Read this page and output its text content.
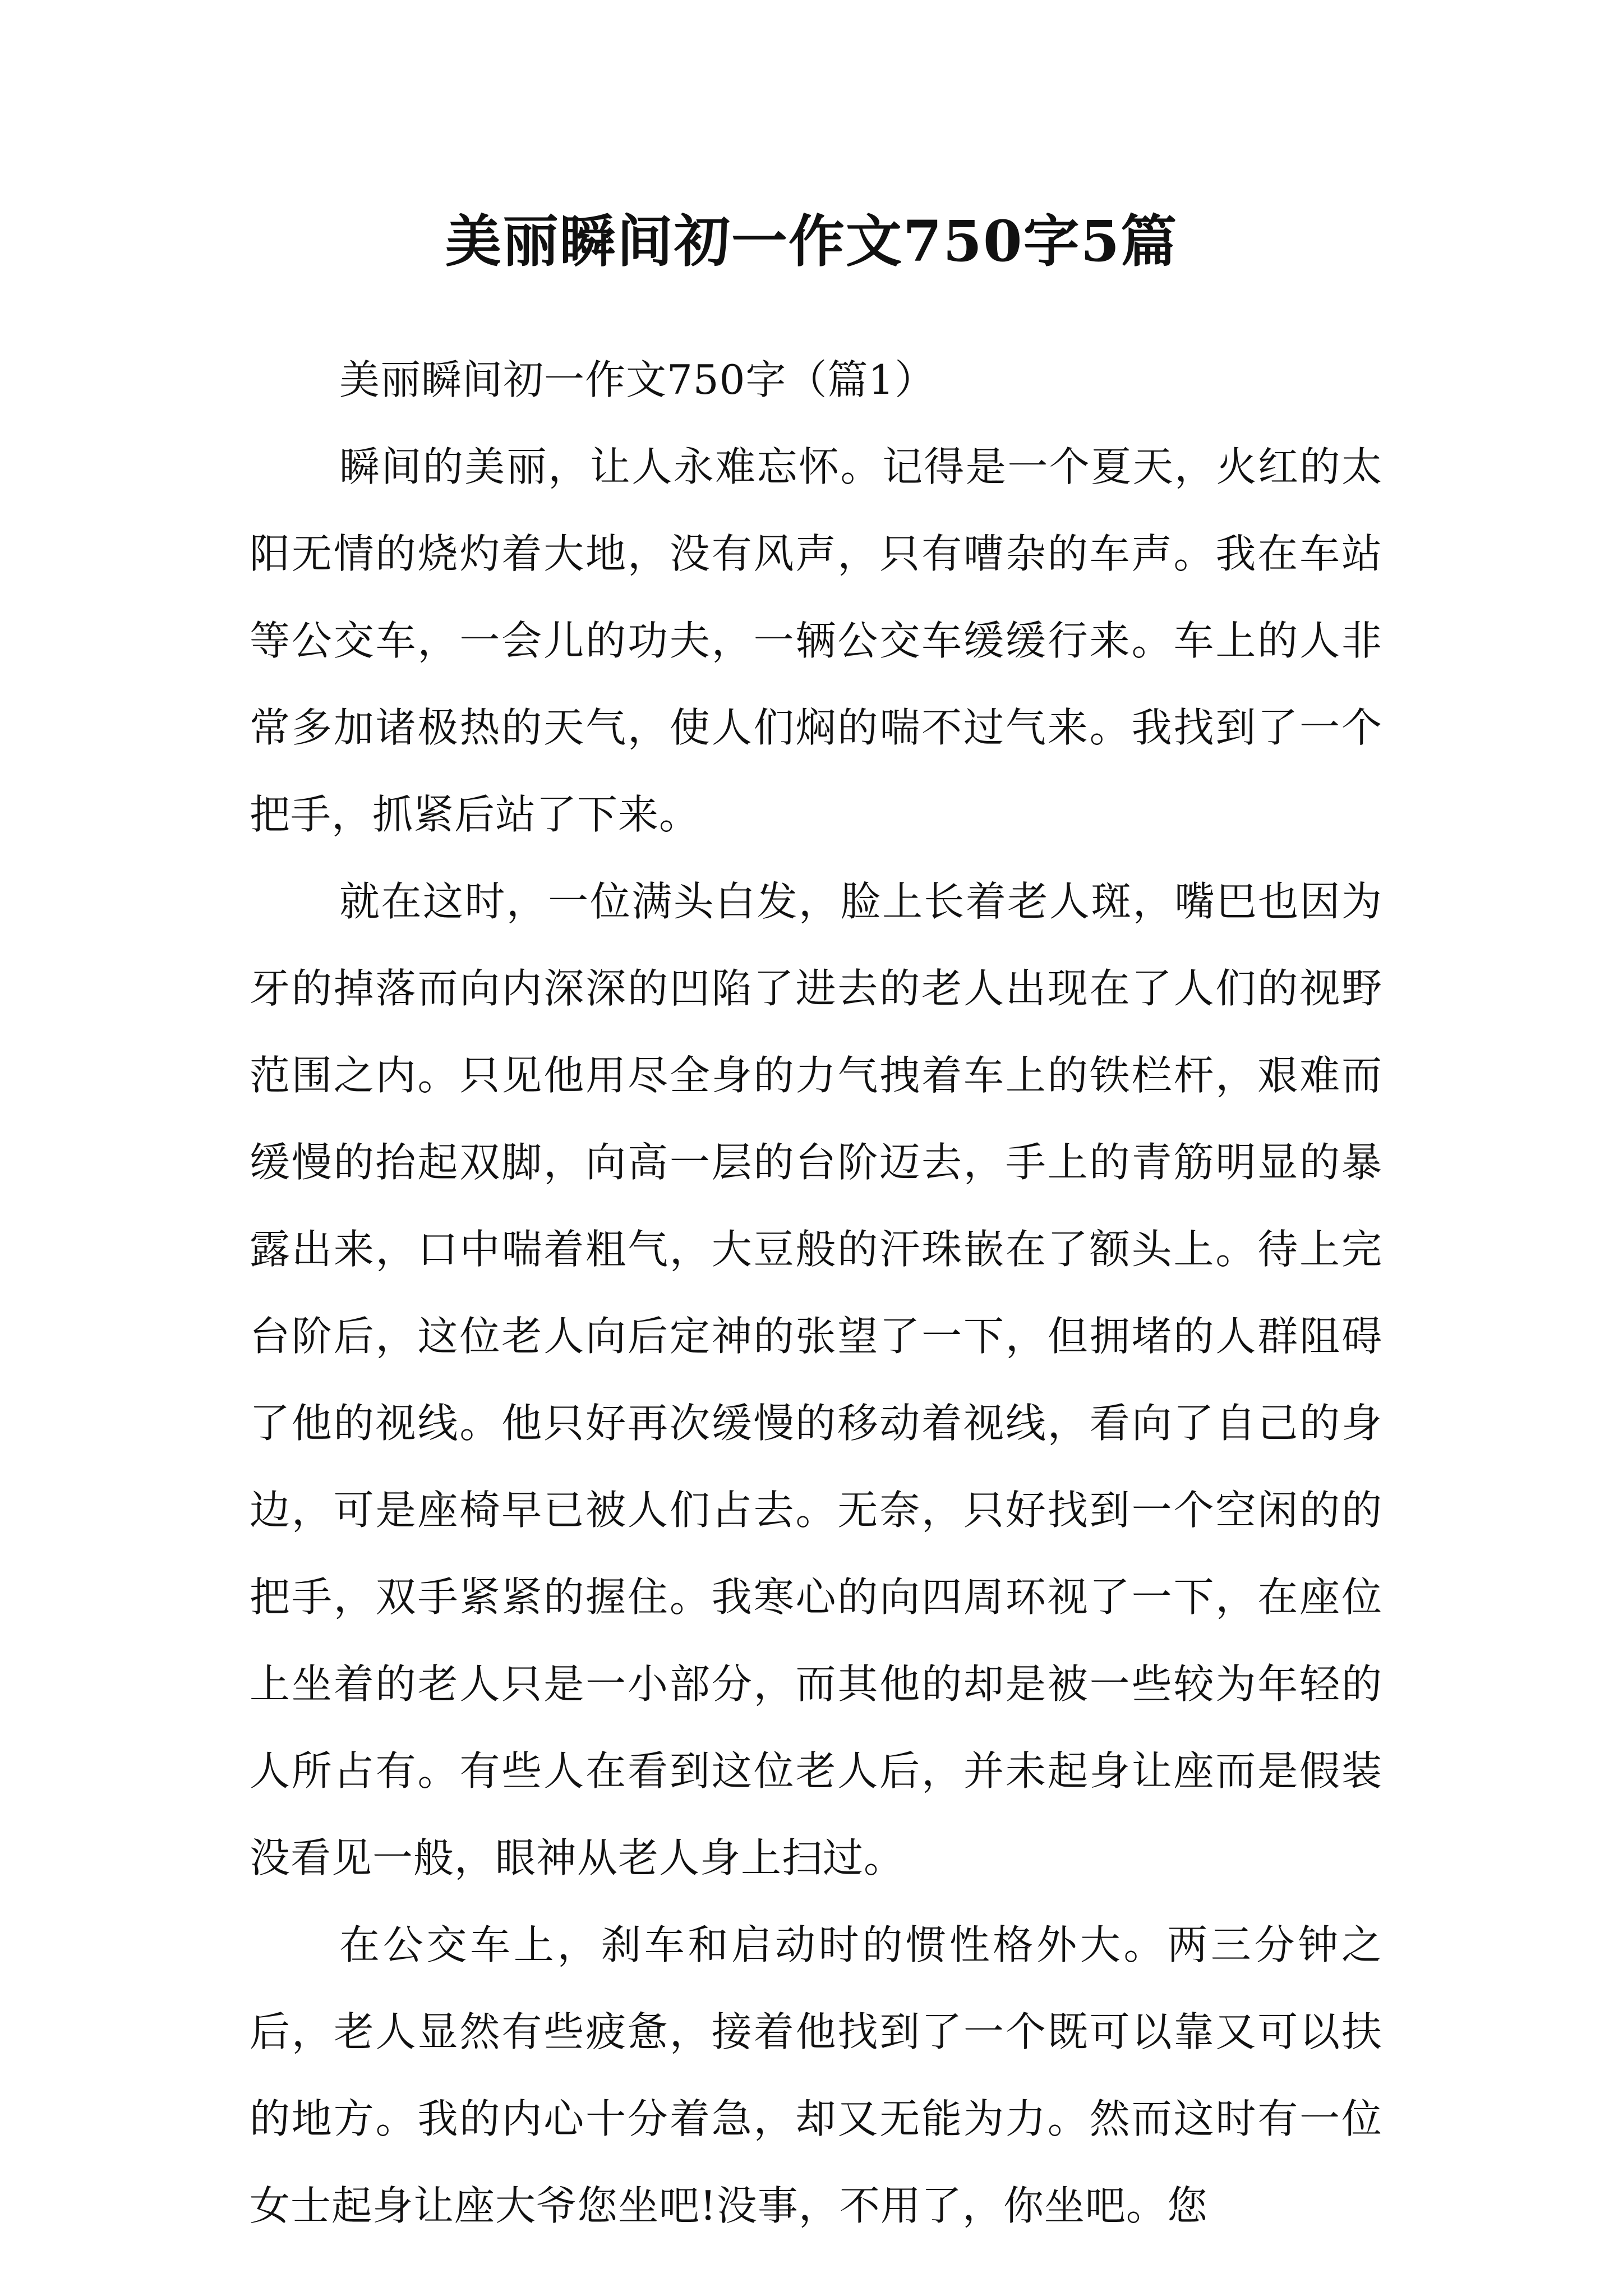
美丽瞬间初一作文750字5篇

美丽瞬间初一作文750字（篇1）

瞬间的美丽，让人永难忘怀。记得是一个夏天，火红的太阳无情的烧灼着大地，没有风声，只有嘈杂的车声。我在车站等公交车，一会儿的功夫，一辆公交车缓缓行来。车上的人非常多加诸极热的天气，使人们焖的喘不过气来。我找到了一个把手，抓紧后站了下来。

就在这时，一位满头白发，脸上长着老人斑，嘴巴也因为牙的掉落而向内深深的凹陷了进去的老人出现在了人们的视野范围之内。只见他用尽全身的力气拽着车上的铁栏杆，艰难而缓慢的抬起双脚，向高一层的台阶迈去，手上的青筋明显的暴露出来，口中喘着粗气，大豆般的汗珠嵌在了额头上。待上完台阶后，这位老人向后定神的张望了一下，但拥堵的人群阻碍了他的视线。他只好再次缓慢的移动着视线，看向了自己的身边，可是座椅早已被人们占去。无奈，只好找到一个空闲的的把手，双手紧紧的握住。我寒心的向四周环视了一下，在座位上坐着的老人只是一小部分，而其他的却是被一些较为年轻的人所占有。有些人在看到这位老人后，并未起身让座而是假装没看见一般，眼神从老人身上扫过。

在公交车上，刹车和启动时的惯性格外大。两三分钟之后，老人显然有些疲惫，接着他找到了一个既可以靠又可以扶的地方。我的内心十分着急，却又无能为力。然而这时有一位女士起身让座大爷您坐吧!没事，不用了，你坐吧。您
